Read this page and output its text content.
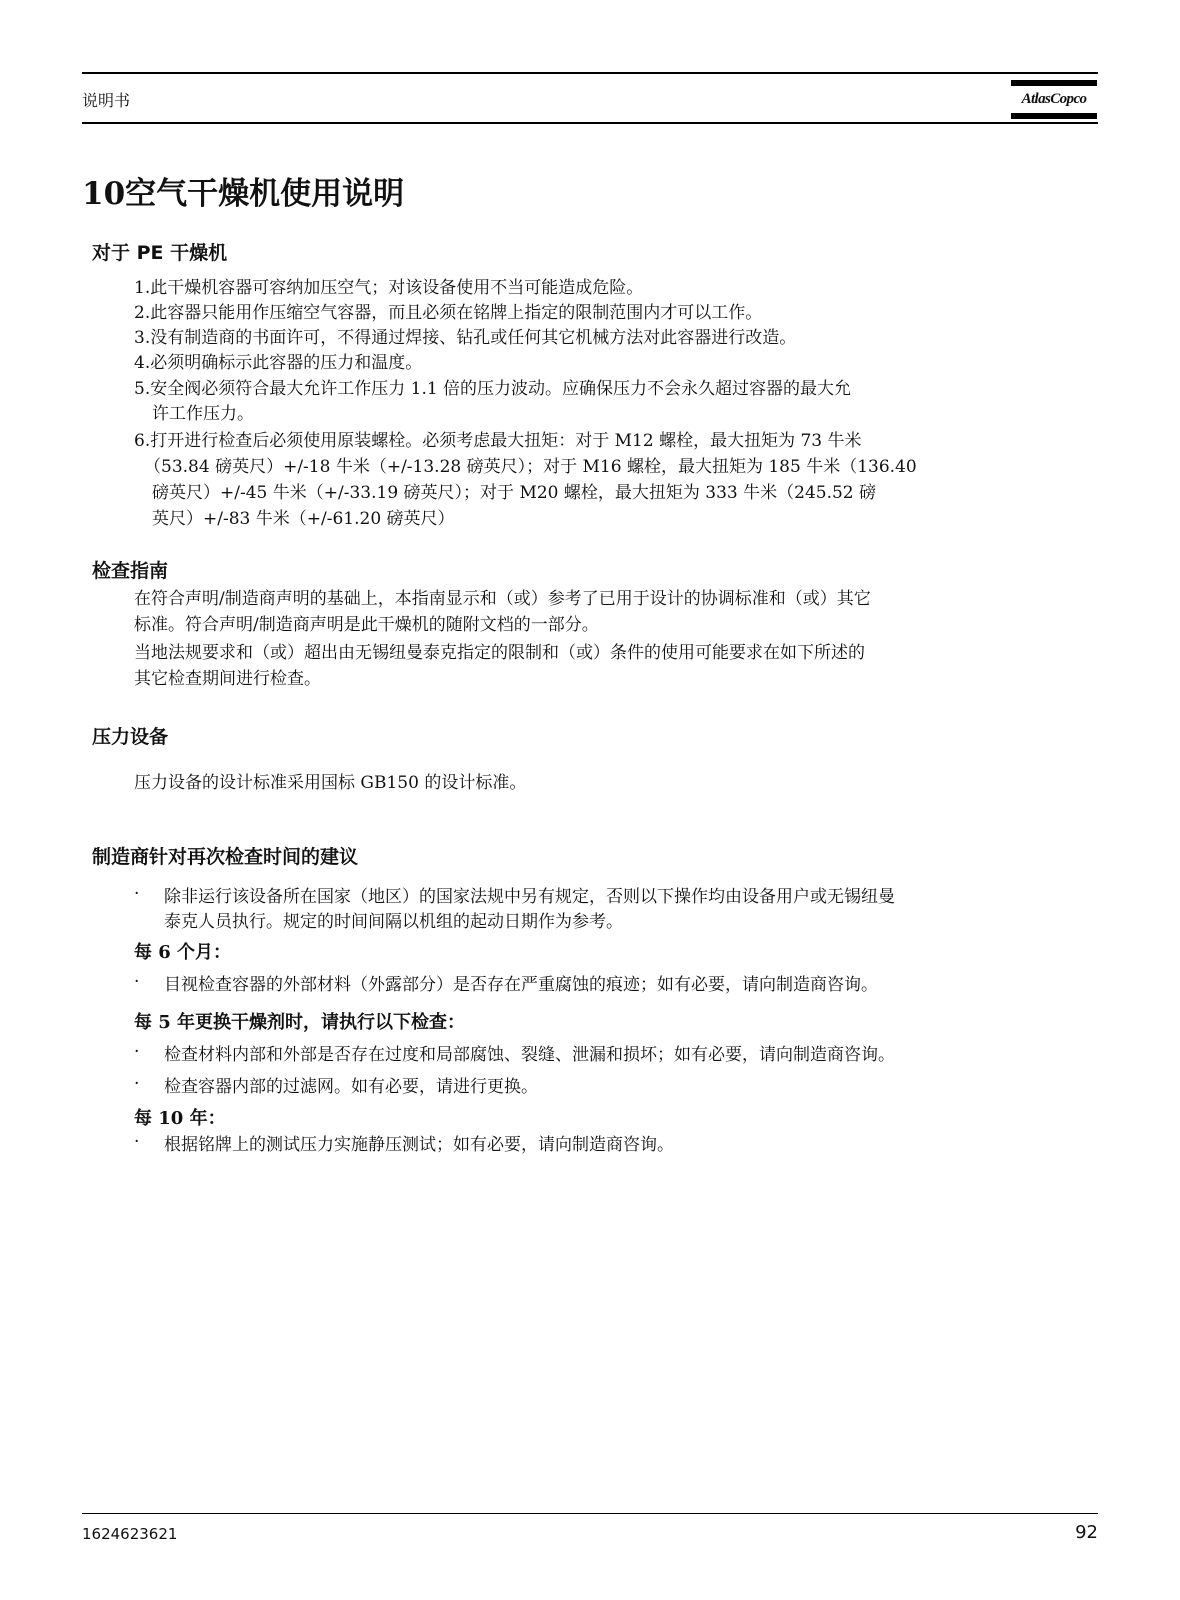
说明书	AtlasCopco
10空气干燥机使用说明
对于 PE 干燥机
1.此干燥机容器可容纳加压空气；对该设备使用不当可能造成危险。
2.此容器只能用作压缩空气容器，而且必须在铭牌上指定的限制范围内才可以工作。
3.没有制造商的书面许可，不得通过焊接、钻孔或任何其它机械方法对此容器进行改造。
4.必须明确标示此容器的压力和温度。
5.安全阀必须符合最大允许工作压力 1.1 倍的压力波动。应确保压力不会永久超过容器的最大允
许工作压力。
6.打开进行检查后必须使用原装螺栓。必须考虑最大扭矩：对于 M12 螺栓，最大扭矩为 73 牛米
（53.84 磅英尺）+/-18 牛米（+/-13.28 磅英尺）；对于 M16 螺栓，最大扭矩为 185 牛米（136.40
磅英尺）+/-45 牛米（+/-33.19 磅英尺）；对于 M20 螺栓，最大扭矩为 333 牛米（245.52 磅
英尺）+/-83 牛米（+/-61.20 磅英尺）
检查指南
在符合声明/制造商声明的基础上，本指南显示和（或）参考了已用于设计的协调标准和（或）其它
标准。符合声明/制造商声明是此干燥机的随附文档的一部分。
当地法规要求和（或）超出由无锡纽曼泰克指定的限制和（或）条件的使用可能要求在如下所述的
其它检查期间进行检查。
压力设备
压力设备的设计标准采用国标 GB150 的设计标准。
制造商针对再次检查时间的建议
· 除非运行该设备所在国家（地区）的国家法规中另有规定，否则以下操作均由设备用户或无锡纽曼
泰克人员执行。规定的时间间隔以机组的起动日期作为参考。
每 6 个月：
· 目视检查容器的外部材料（外露部分）是否存在严重腐蚀的痕迹；如有必要，请向制造商咨询。
每 5 年更换干燥剂时，请执行以下检查：
· 检查材料内部和外部是否存在过度和局部腐蚀、裂缝、泄漏和损坏；如有必要，请向制造商咨询。
· 检查容器内部的过滤网。如有必要，请进行更换。
每 10 年：
· 根据铭牌上的测试压力实施静压测试；如有必要，请向制造商咨询。
1624623621	92
